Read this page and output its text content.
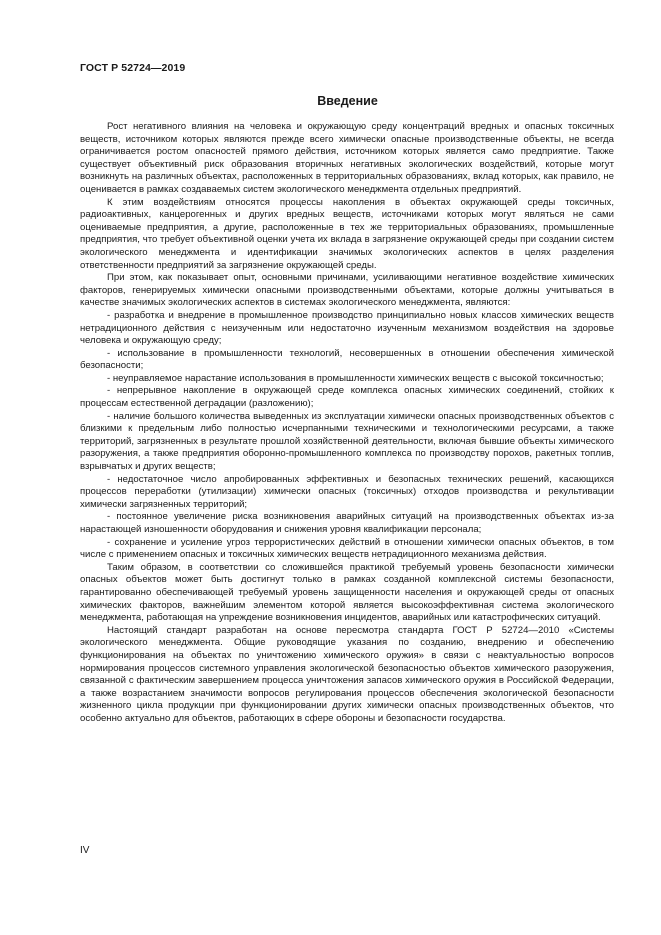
ГОСТ Р 52724—2019
Введение

Рост негативного влияния на человека и окружающую среду концентраций вредных и опасных токсичных веществ, источником которых являются прежде всего химически опасные производственные объекты, не всегда ограничивается ростом опасностей прямого действия, источником которых является само предприятие. Также существует объективный риск образования вторичных негативных экологических воздействий, которые могут возникнуть на различных объектах, расположенных в территориальных образованиях, вклад которых, как правило, не оценивается в рамках создаваемых систем экологического менеджмента отдельных предприятий.

К этим воздействиям относятся процессы накопления в объектах окружающей среды токсичных, радиоактивных, канцерогенных и других вредных веществ, источниками которых могут являться не сами оцениваемые предприятия, а другие, расположенные в тех же территориальных образованиях, промышленные предприятия, что требует объективной оценки учета их вклада в загрязнение окружающей среды при создании систем экологического менеджмента и идентификации значимых экологических аспектов в целях разделения ответственности предприятий за загрязнение окружающей среды.

При этом, как показывает опыт, основными причинами, усиливающими негативное воздействие химических факторов, генерируемых химически опасными производственными объектами, которые должны учитываться в качестве значимых экологических аспектов в системах экологического менеджмента, являются:

- разработка и внедрение в промышленное производство принципиально новых классов химических веществ нетрадиционного действия с неизученным или недостаточно изученным механизмом воздействия на здоровье человека и окружающую среду;

- использование в промышленности технологий, несовершенных в отношении обеспечения химической безопасности;

- неуправляемое нарастание использования в промышленности химических веществ с высокой токсичностью;

- непрерывное накопление в окружающей среде комплекса опасных химических соединений, стойких к процессам естественной деградации (разложению);

- наличие большого количества выведенных из эксплуатации химически опасных производственных объектов с близкими к предельным либо полностью исчерпанными техническими и технологическими ресурсами, а также территорий, загрязненных в результате прошлой хозяйственной деятельности, включая бывшие объекты химического разоружения, а также предприятия оборонно-промышленного комплекса по производству порохов, ракетных топлив, взрывчатых и других веществ;

- недостаточное число апробированных эффективных и безопасных технических решений, касающихся процессов переработки (утилизации) химически опасных (токсичных) отходов производства и рекультивации химически загрязненных территорий;

- постоянное увеличение риска возникновения аварийных ситуаций на производственных объектах из-за нарастающей изношенности оборудования и снижения уровня квалификации персонала;

- сохранение и усиление угроз террористических действий в отношении химически опасных объектов, в том числе с применением опасных и токсичных химических веществ нетрадиционного механизма действия.

Таким образом, в соответствии со сложившейся практикой требуемый уровень безопасности химически опасных объектов может быть достигнут только в рамках созданной комплексной системы безопасности, гарантированно обеспечивающей требуемый уровень защищенности населения и окружающей среды от опасных химических факторов, важнейшим элементом которой является высокоэффективная система экологического менеджмента, работающая на упреждение возникновения инцидентов, аварийных или катастрофических ситуаций.

Настоящий стандарт разработан на основе пересмотра стандарта ГОСТ Р 52724—2010 «Системы экологического менеджмента. Общие руководящие указания по созданию, внедрению и обеспечению функционирования на объектах по уничтожению химического оружия» в связи с неактуальностью вопросов нормирования процессов системного управления экологической безопасностью объектов химического разоружения, связанной с фактическим завершением процесса уничтожения запасов химического оружия в Российской Федерации, а также возрастанием значимости вопросов регулирования процессов обеспечения экологической безопасности жизненного цикла продукции при функционировании других химически опасных производственных объектов, что особенно актуально для объектов, работающих в сфере обороны и безопасности государства.

IV
